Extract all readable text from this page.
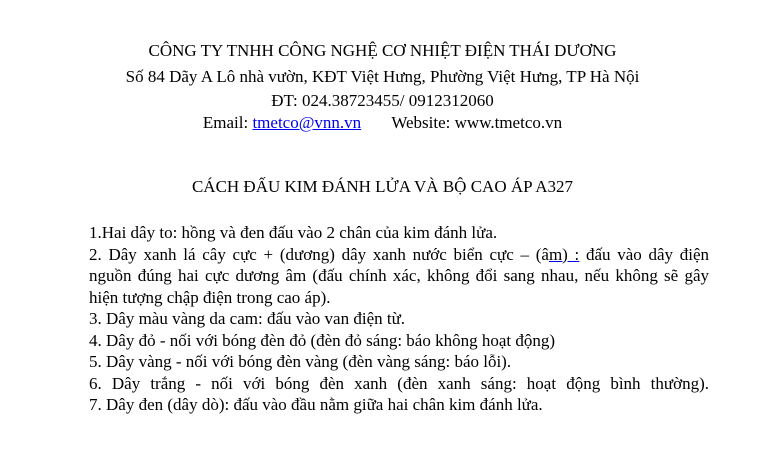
CÔNG TY TNHH CÔNG NGHỆ CƠ NHIỆT ĐIỆN THÁI DƯƠNG
Số 84 Dãy A Lô nhà vườn, KĐT Việt Hưng, Phường Việt Hưng, TP Hà Nội
ĐT: 024.38723455/ 0912312060
Email: tmetco@vnn.vn Website: www.tmetco.vn
CÁCH ĐẤU KIM ĐÁNH LỬA VÀ BỘ CAO ÁP A327

1.Hai dây to: hồng và đen đấu vào 2 chân của kim đánh lửa.

2. Dây xanh lá cây cực + (dương) dây xanh nước biển cực – (âm) : đấu vào dây điện nguồn đúng hai cực dương âm (đấu chính xác, không đổi sang nhau, nếu không sẽ gây hiện tượng chập điện trong cao áp).

3. Dây màu vàng da cam: đấu vào van điện từ.

4. Dây đỏ - nối với bóng đèn đỏ (đèn đỏ sáng: báo không hoạt động)

5. Dây vàng - nối với bóng đèn vàng (đèn vàng sáng: báo lỗi).

6. Dây trắng - nối với bóng đèn xanh (đèn xanh sáng: hoạt động bình thường).

7. Dây đen (dây dò): đấu vào đầu nằm giữa hai chân kim đánh lửa.
